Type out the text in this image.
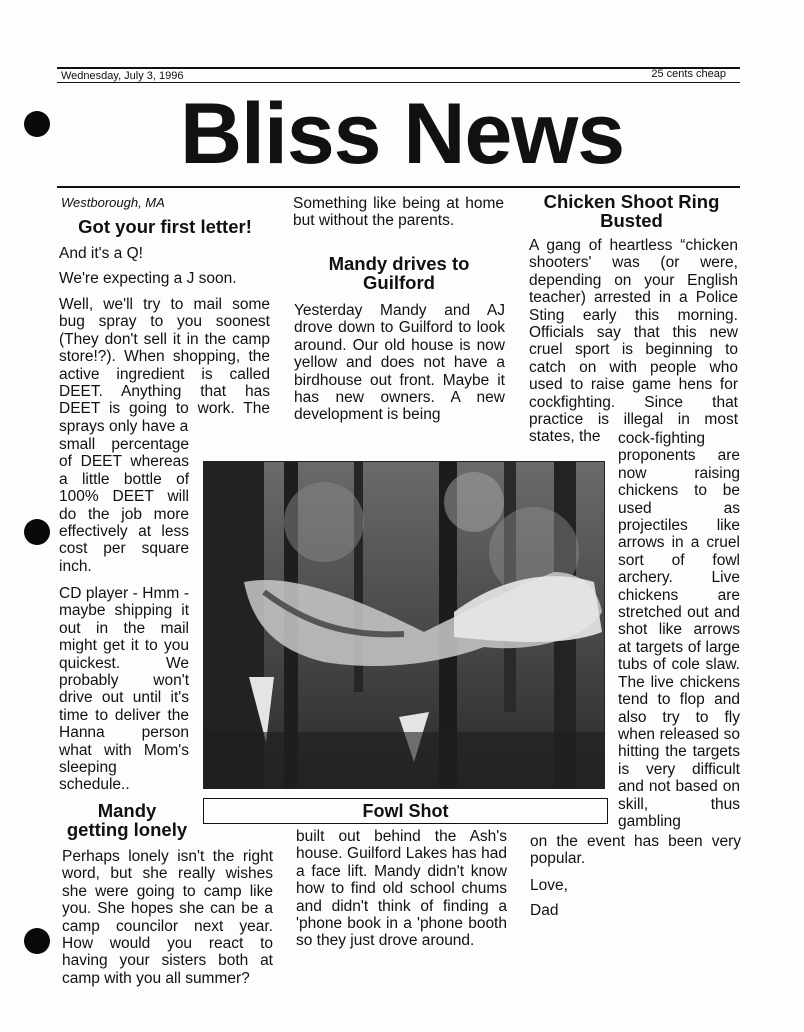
Wednesday, July 3, 1996	25 cents cheap
Bliss News
Westborough, MA
Got your first letter!

And it's a Q!

We're expecting a J soon.

Well, we'll try to mail some bug spray to you soonest (They don't sell it in the camp store!?). When shopping, the active ingredient is called DEET. Anything that has DEET is going to work. The sprays only have a

small percentage of DEET whereas a little bottle of 100% DEET will do the job more effectively at less cost per square inch.

CD player - Hmm - maybe shipping it out in the mail might get it to you quickest. We probably won't drive out until it's time to deliver the Hanna person what with Mom's sleeping schedule..

Mandy getting lonely

Perhaps lonely isn't the right word, but she really wishes she were going to camp like you. She hopes she can be a camp councilor next year. How would you react to having your sisters both at camp with you all summer?

Something like being at home but without the parents.

Mandy drives to Guilford

Yesterday Mandy and AJ drove down to Guilford to look around. Our old house is now yellow and does not have a birdhouse out front. Maybe it has new owners. A new development is being

built out behind the Ash's house. Guilford Lakes has had a face lift. Mandy didn't know how to find old school chums and didn't think of finding a 'phone book in a 'phone booth so they just drove around.

Chicken Shoot Ring Busted

A gang of heartless “chicken shooters' was (or were, depending on your English teacher) arrested in a Police Sting early this morning. Officials say that this new cruel sport is beginning to catch on with people who used to raise game hens for cockfighting. Since that practice is illegal in most states, the	cock-fighting proponents are now raising chickens to be used as projectiles like arrows in a cruel sort of fowl archery. Live chickens are stretched out and shot like arrows at targets of large tubs of cole slaw. The live chickens tend to flop and also try to fly when released so hitting the targets is very difficult and not based on skill, thus gambling

on the event has been very popular.

Love,

Dad

Fowl Shot
